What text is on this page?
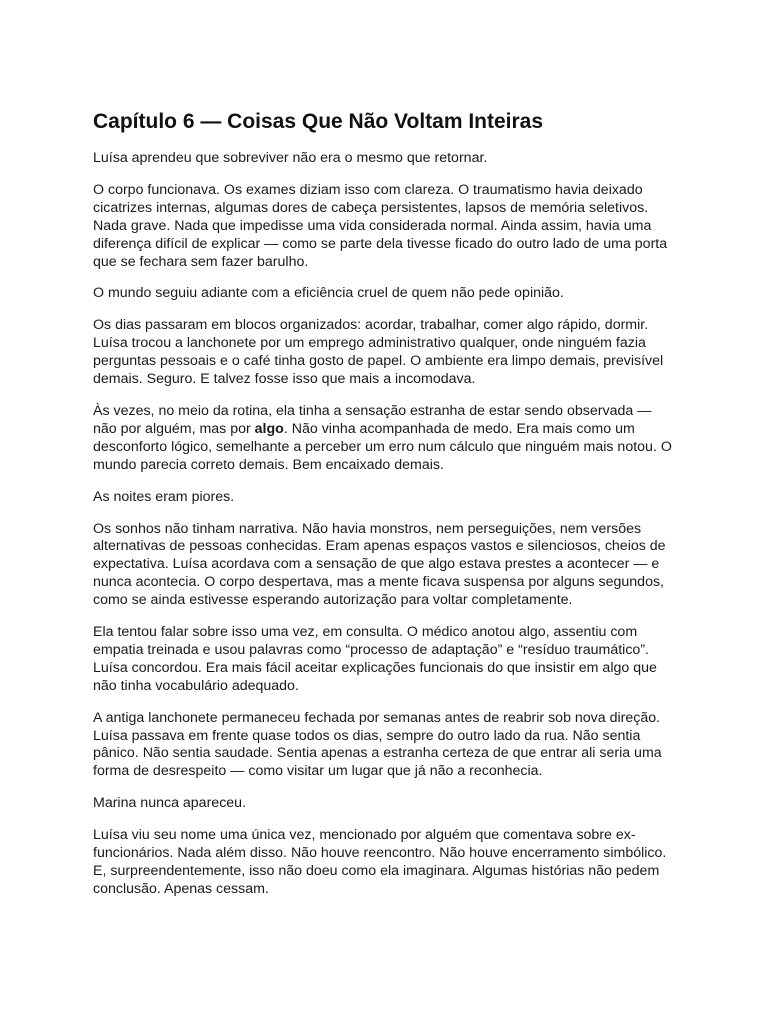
Capítulo 6 — Coisas Que Não Voltam Inteiras

Luísa aprendeu que sobreviver não era o mesmo que retornar.

O corpo funcionava. Os exames diziam isso com clareza. O traumatismo havia deixado cicatrizes internas, algumas dores de cabeça persistentes, lapsos de memória seletivos. Nada grave. Nada que impedisse uma vida considerada normal. Ainda assim, havia uma diferença difícil de explicar — como se parte dela tivesse ficado do outro lado de uma porta que se fechara sem fazer barulho.

O mundo seguiu adiante com a eficiência cruel de quem não pede opinião.

Os dias passaram em blocos organizados: acordar, trabalhar, comer algo rápido, dormir. Luísa trocou a lanchonete por um emprego administrativo qualquer, onde ninguém fazia perguntas pessoais e o café tinha gosto de papel. O ambiente era limpo demais, previsível demais. Seguro. E talvez fosse isso que mais a incomodava.

Às vezes, no meio da rotina, ela tinha a sensação estranha de estar sendo observada — não por alguém, mas por algo. Não vinha acompanhada de medo. Era mais como um desconforto lógico, semelhante a perceber um erro num cálculo que ninguém mais notou. O mundo parecia correto demais. Bem encaixado demais.

As noites eram piores.

Os sonhos não tinham narrativa. Não havia monstros, nem perseguições, nem versões alternativas de pessoas conhecidas. Eram apenas espaços vastos e silenciosos, cheios de expectativa. Luísa acordava com a sensação de que algo estava prestes a acontecer — e nunca acontecia. O corpo despertava, mas a mente ficava suspensa por alguns segundos, como se ainda estivesse esperando autorização para voltar completamente.

Ela tentou falar sobre isso uma vez, em consulta. O médico anotou algo, assentiu com empatia treinada e usou palavras como “processo de adaptação” e “resíduo traumático”. Luísa concordou. Era mais fácil aceitar explicações funcionais do que insistir em algo que não tinha vocabulário adequado.

A antiga lanchonete permaneceu fechada por semanas antes de reabrir sob nova direção. Luísa passava em frente quase todos os dias, sempre do outro lado da rua. Não sentia pânico. Não sentia saudade. Sentia apenas a estranha certeza de que entrar ali seria uma forma de desrespeito — como visitar um lugar que já não a reconhecia.

Marina nunca apareceu.

Luísa viu seu nome uma única vez, mencionado por alguém que comentava sobre ex-funcionários. Nada além disso. Não houve reencontro. Não houve encerramento simbólico. E, surpreendentemente, isso não doeu como ela imaginara. Algumas histórias não pedem conclusão. Apenas cessam.
